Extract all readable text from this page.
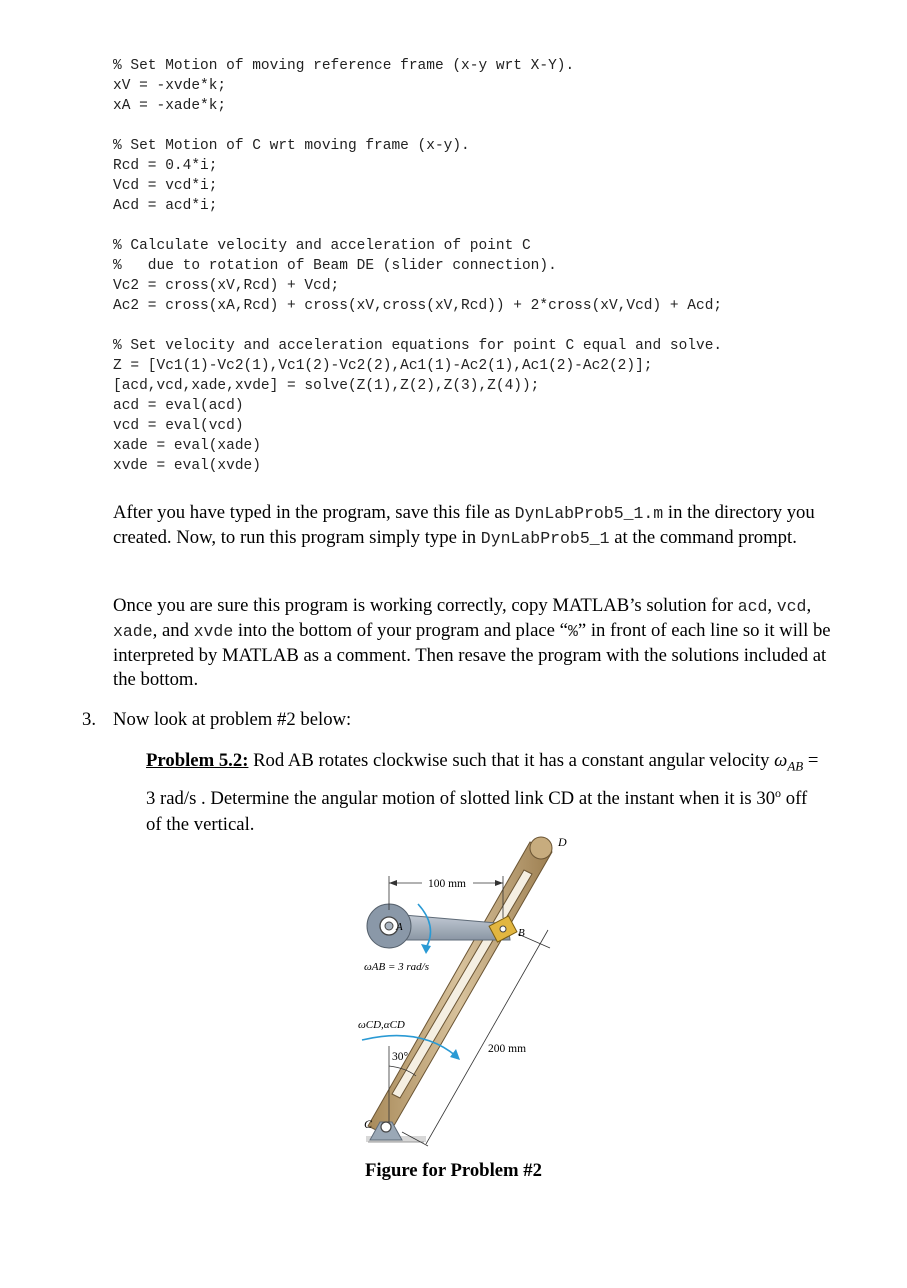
% Set Motion of moving reference frame (x-y wrt X-Y).
xV = -xvde*k;
xA = -xade*k;
% Set Motion of C wrt moving frame (x-y).
Rcd = 0.4*i;
Vcd = vcd*i;
Acd = acd*i;
% Calculate velocity and acceleration of point C
%   due to rotation of Beam DE (slider connection).
Vc2 = cross(xV,Rcd) + Vcd;
Ac2 = cross(xA,Rcd) + cross(xV,cross(xV,Rcd)) + 2*cross(xV,Vcd) + Acd;
% Set velocity and acceleration equations for point C equal and solve.
Z = [Vc1(1)-Vc2(1),Vc1(2)-Vc2(2),Ac1(1)-Ac2(1),Ac1(2)-Ac2(2)];
[acd,vcd,xade,xvde] = solve(Z(1),Z(2),Z(3),Z(4));
acd = eval(acd)
vcd = eval(vcd)
xade = eval(xade)
xvde = eval(xvde)

After you have typed in the program, save this file as DynLabProb5_1.m in the directory you created. Now, to run this program simply type in DynLabProb5_1 at the command prompt.

Once you are sure this program is working correctly, copy MATLAB’s solution for acd, vcd, xade, and xvde into the bottom of your program and place “%” in front of each line so it will be interpreted by MATLAB as a comment. Then resave the program with the solutions included at the bottom.

3. Now look at problem #2 below:

Problem 5.2: Rod AB rotates clockwise such that it has a constant angular velocity $\omega_{AB} = 3$ rad/s . Determine the angular motion of slotted link CD at the instant when it is 30$^o$ off of the vertical.

100 mm
200 mm
30°
D
A	B
C
ωAB = 3 rad/s
ωCD,αCD
Figure for Problem #2
